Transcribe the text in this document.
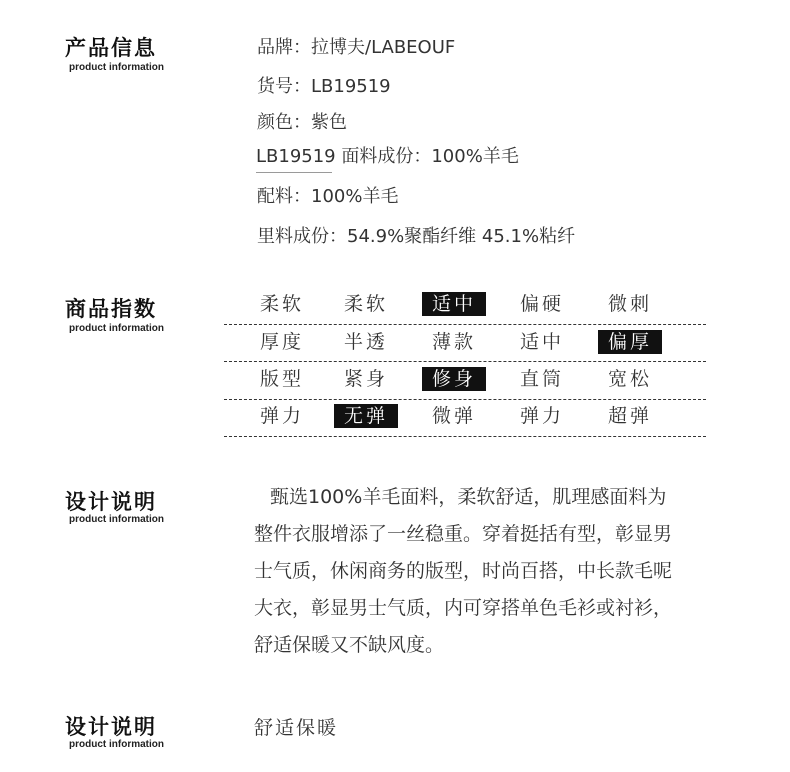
产品信息
product information
品牌：拉博夫/LABEOUF
货号：LB19519
颜色：紫色
LB19519 面料成份：100%羊毛
配料：100%羊毛
里料成份：54.9%聚酯纤维 45.1%粘纤
商品指数
product information
柔软	柔软	适中	偏硬	微刺
厚度	半透	薄款	适中	偏厚
版型	紧身	修身	直筒	宽松
弹力	无弹	微弹	弹力	超弹
设计说明
product information

甄选100%羊毛面料，柔软舒适，肌理感面料为

整件衣服增添了一丝稳重。穿着挺括有型，彰显男

士气质，休闲商务的版型，时尚百搭，中长款毛呢

大衣，彰显男士气质，内可穿搭单色毛衫或衬衫，

舒适保暖又不缺风度。

设计说明
product information
舒适保暖
